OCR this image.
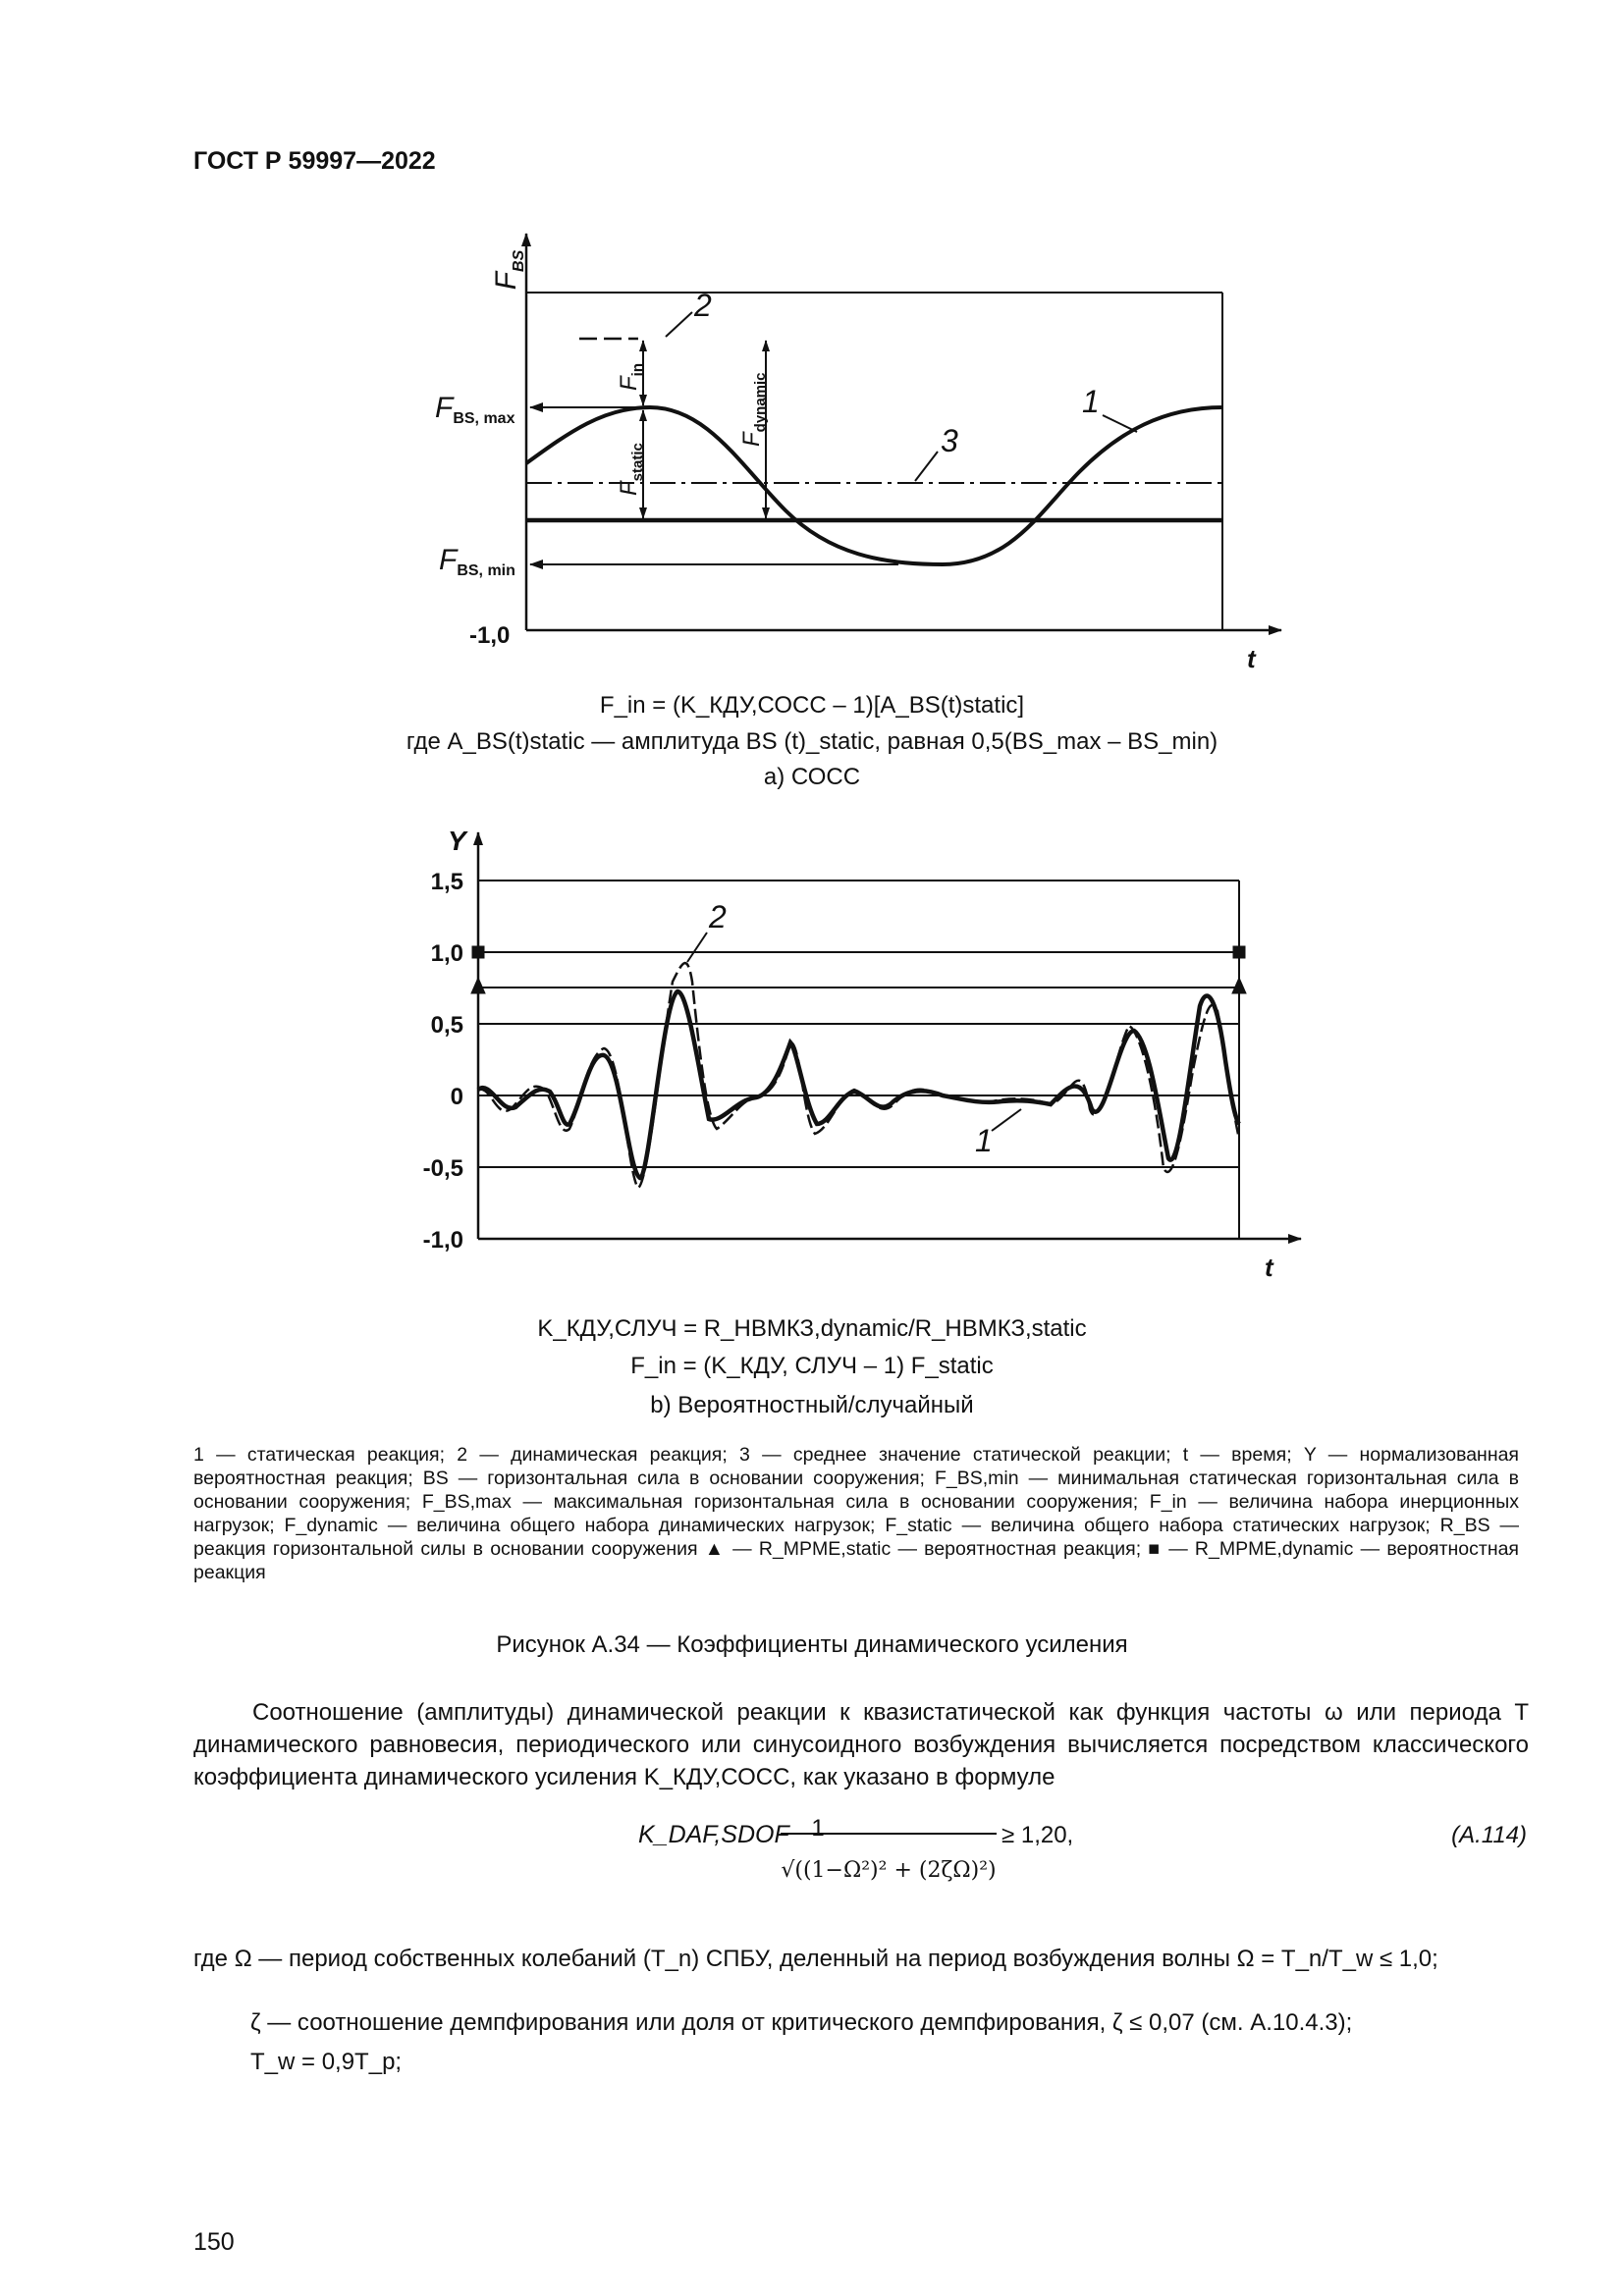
ГОСТ Р 59997—2022
$F_{BS}$
t
$F_{BS, max}$
$F_{BS, min}$
-1,0
$F_{in}$
$F_{static}$
$F_{dynamic}$
2
1
3
Y
t
1,5
1,0
0,5
0
-0,5
-1,0
2
1
F_in = (K_КДУ,СОСС – 1)[A_BS(t)static]
где A_BS(t)static — амплитуда BS (t)_static, равная 0,5(BS_max – BS_min)
а) СОСС
K_КДУ,СЛУЧ = R_НВМКЗ,dynamic/R_НВМКЗ,static
F_in = (K_КДУ, СЛУЧ – 1) F_static
b) Вероятностный/случайный

1 — статическая реакция; 2 — динамическая реакция; 3 — среднее значение статической реакции; t — время; Y — нормализованная вероятностная реакция; BS — горизонтальная сила в основании сооружения; F_BS,min — минимальная статическая горизонтальная сила в основании сооружения; F_BS,max — максимальная горизонтальная сила в основании сооружения; F_in — величина набора инерционных нагрузок; F_dynamic — величина общего набора динамических нагрузок; F_static — величина общего набора статических нагрузок; R_BS — реакция горизонтальной силы в основании сооружения ▲ — R_MPME,static — вероятностная реакция; ■ — R_MPME,dynamic — вероятностная реакция

Рисунок А.34 — Коэффициенты динамического усиления
Соотношение (амплитуды) динамической реакции к квазистатической как функция частоты ω или периода T динамического равновесия, периодического или синусоидного возбуждения вычисляется посредством классического коэффициента динамического усиления K_КДУ,СОСС, как указано в формуле
K_DAF,SDOF 1
√((1−Ω²)² + (2ζΩ)²)
≥ 1,20,	(A.114)
где Ω — период собственных колебаний (T_n) СПБУ, деленный на период возбуждения волны Ω = T_n/T_w ≤ 1,0;
ζ — соотношение демпфирования или доля от критического демпфирования, ζ ≤ 0,07 (см. А.10.4.3);
T_w = 0,9T_p;
150
